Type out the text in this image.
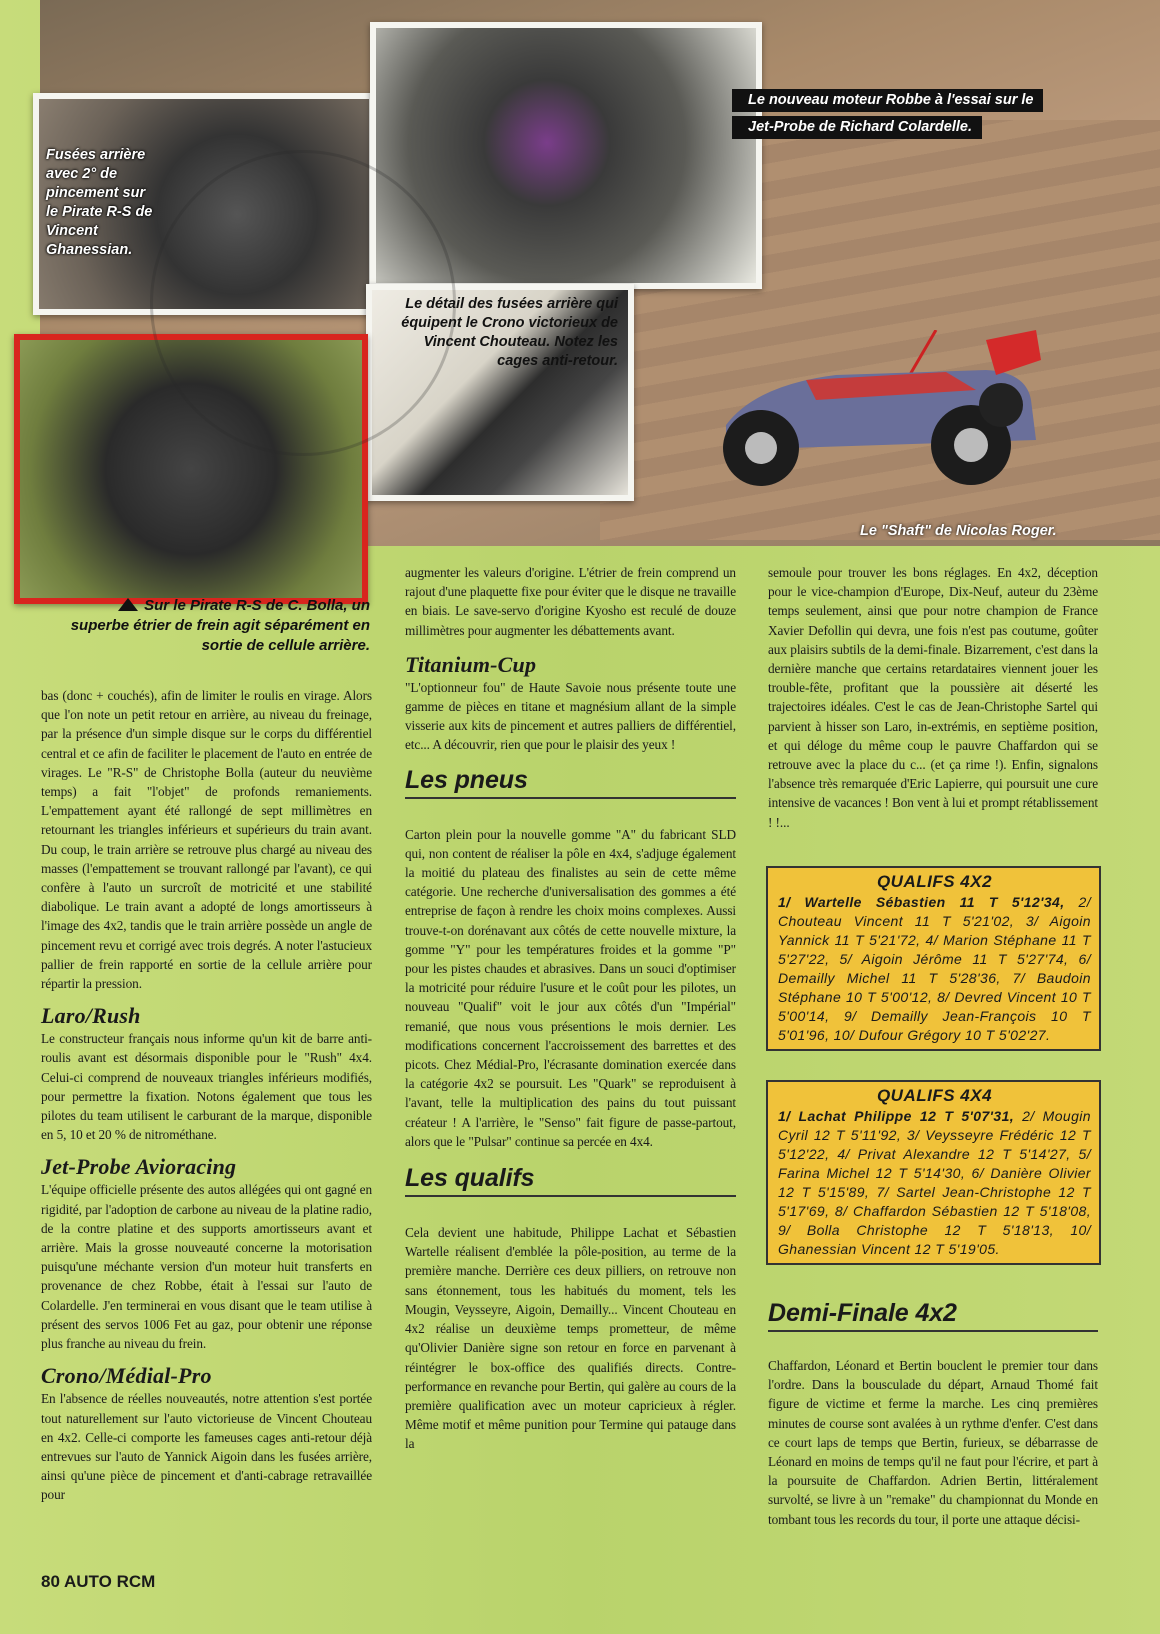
Fusées arrière avec 2° de pincement sur le Pirate R-S de Vincent Ghanessian.
Le détail des fusées arrière qui équipent le Crono victorieux de Vincent Chouteau. Notez les cages anti-retour.
Le nouveau moteur Robbe à l'essai sur le
Jet-Probe de Richard Colardelle.
Le "Shaft" de Nicolas Roger.
Sur le Pirate R-S de C. Bolla, un superbe étrier de frein agit séparément en sortie de cellule arrière.

bas (donc + couchés), afin de limiter le roulis en virage. Alors que l'on note un petit retour en arrière, au niveau du freinage, par la présence d'un simple disque sur le corps du différentiel central et ce afin de faciliter le placement de l'auto en entrée de virages. Le "R-S" de Christophe Bolla (auteur du neuvième temps) a fait "l'objet" de profonds remaniements. L'empattement ayant été rallongé de sept millimètres en retournant les triangles inférieurs et supérieurs du train avant. Du coup, le train arrière se retrouve plus chargé au niveau des masses (l'empattement se trouvant rallongé par l'avant), ce qui confère à l'auto un surcroît de motricité et une stabilité diabolique. Le train avant a adopté de longs amortisseurs à l'image des 4x2, tandis que le train arrière possède un angle de pincement revu et corrigé avec trois degrés. A noter l'astucieux pallier de frein rapporté en sortie de la cellule arrière pour répartir la pression.

Laro/Rush

Le constructeur français nous informe qu'un kit de barre anti-roulis avant est désormais disponible pour le "Rush" 4x4. Celui-ci comprend de nouveaux triangles inférieurs modifiés, pour permettre la fixation. Notons également que tous les pilotes du team utilisent le carburant de la marque, disponible en 5, 10 et 20 % de nitrométhane.

Jet-Probe Avioracing

L'équipe officielle présente des autos allégées qui ont gagné en rigidité, par l'adoption de carbone au niveau de la platine radio, de la contre platine et des supports amortisseurs avant et arrière. Mais la grosse nouveauté concerne la motorisation puisqu'une méchante version d'un moteur huit transferts en provenance de chez Robbe, était à l'essai sur l'auto de Colardelle. J'en terminerai en vous disant que le team utilise à présent des servos 1006 Fet au gaz, pour obtenir une réponse plus franche au niveau du frein.

Crono/Médial-Pro

En l'absence de réelles nouveautés, notre attention s'est portée tout naturellement sur l'auto victorieuse de Vincent Chouteau en 4x2. Celle-ci comporte les fameuses cages anti-retour déjà entrevues sur l'auto de Yannick Aigoin dans les fusées arrière, ainsi qu'une pièce de pincement et d'anti-cabrage retravaillée pour

augmenter les valeurs d'origine. L'étrier de frein comprend un rajout d'une plaquette fixe pour éviter que le disque ne travaille en biais. Le save-servo d'origine Kyosho est reculé de douze millimètres pour augmenter les débattements avant.

Titanium-Cup

"L'optionneur fou" de Haute Savoie nous présente toute une gamme de pièces en titane et magnésium allant de la simple visserie aux kits de pincement et autres palliers de différentiel, etc... A découvrir, rien que pour le plaisir des yeux !

Les pneus

Carton plein pour la nouvelle gomme "A" du fabricant SLD qui, non content de réaliser la pôle en 4x4, s'adjuge également la moitié du plateau des finalistes au sein de cette même catégorie. Une recherche d'universalisation des gommes a été entreprise de façon à rendre les choix moins complexes. Aussi trouve-t-on dorénavant aux côtés de cette nouvelle mixture, la gomme "Y" pour les températures froides et la gomme "P" pour les pistes chaudes et abrasives. Dans un souci d'optimiser la motricité pour réduire l'usure et le coût pour les pilotes, un nouveau "Qualif" voit le jour aux côtés d'un "Impérial" remanié, que nous vous présentions le mois dernier. Les modifications concernent l'accroissement des barrettes et des picots. Chez Médial-Pro, l'écrasante domination exercée dans la catégorie 4x2 se poursuit. Les "Quark" se reproduisent à l'avant, telle la multiplication des pains du tout puissant créateur ! A l'arrière, le "Senso" fait figure de passe-partout, alors que le "Pulsar" continue sa percée en 4x4.

Les qualifs

Cela devient une habitude, Philippe Lachat et Sébastien Wartelle réalisent d'emblée la pôle-position, au terme de la première manche. Derrière ces deux pilliers, on retrouve non sans étonnement, tous les habitués du moment, tels les Mougin, Veysseyre, Aigoin, Demailly... Vincent Chouteau en 4x2 réalise un deuxième temps prometteur, de même qu'Olivier Danière signe son retour en force en parvenant à réintégrer le box-office des qualifiés directs. Contre-performance en revanche pour Bertin, qui galère au cours de la première qualification avec un moteur capricieux à régler. Même motif et même punition pour Termine qui patauge dans la

semoule pour trouver les bons réglages. En 4x2, déception pour le vice-champion d'Europe, Dix-Neuf, auteur du 23ème temps seulement, ainsi que pour notre champion de France Xavier Defollin qui devra, une fois n'est pas coutume, goûter aux plaisirs subtils de la demi-finale. Bizarrement, c'est dans la dernière manche que certains retardataires viennent jouer les trouble-fête, profitant que la poussière ait déserté les trajectoires idéales. C'est le cas de Jean-Christophe Sartel qui parvient à hisser son Laro, in-extrémis, en septième position, et qui déloge du même coup le pauvre Chaffardon qui se retrouve avec la place du c... (et ça rime !). Enfin, signalons l'absence très remarquée d'Eric Lapierre, qui poursuit une cure intensive de vacances ! Bon vent à lui et prompt rétablissement ! !...

QUALIFS 4X2
1/ Wartelle Sébastien 11 T 5'12'34, 2/ Chouteau Vincent 11 T 5'21'02, 3/ Aigoin Yannick 11 T 5'21'72, 4/ Marion Stéphane 11 T 5'27'22, 5/ Aigoin Jérôme 11 T 5'27'74, 6/ Demailly Michel 11 T 5'28'36, 7/ Baudoin Stéphane 10 T 5'00'12, 8/ Devred Vincent 10 T 5'00'14, 9/ Demailly Jean-François 10 T 5'01'96, 10/ Dufour Grégory 10 T 5'02'27.
QUALIFS 4X4
1/ Lachat Philippe 12 T 5'07'31, 2/ Mougin Cyril 12 T 5'11'92, 3/ Veysseyre Frédéric 12 T 5'12'22, 4/ Privat Alexandre 12 T 5'14'27, 5/ Farina Michel 12 T 5'14'30, 6/ Danière Olivier 12 T 5'15'89, 7/ Sartel Jean-Christophe 12 T 5'17'69, 8/ Chaffardon Sébastien 12 T 5'18'08, 9/ Bolla Christophe 12 T 5'18'13, 10/ Ghanessian Vincent 12 T 5'19'05.
Demi-Finale 4x2

Chaffardon, Léonard et Bertin bouclent le premier tour dans l'ordre. Dans la bousculade du départ, Arnaud Thomé fait figure de victime et ferme la marche. Les cinq premières minutes de course sont avalées à un rythme d'enfer. C'est dans ce court laps de temps que Bertin, furieux, se débarrasse de Léonard en moins de temps qu'il ne faut pour l'écrire, et part à la poursuite de Chaffardon. Adrien Bertin, littéralement survolté, se livre à un "remake" du championnat du Monde en tombant tous les records du tour, il porte une attaque décisi-

80 AUTO RCM
